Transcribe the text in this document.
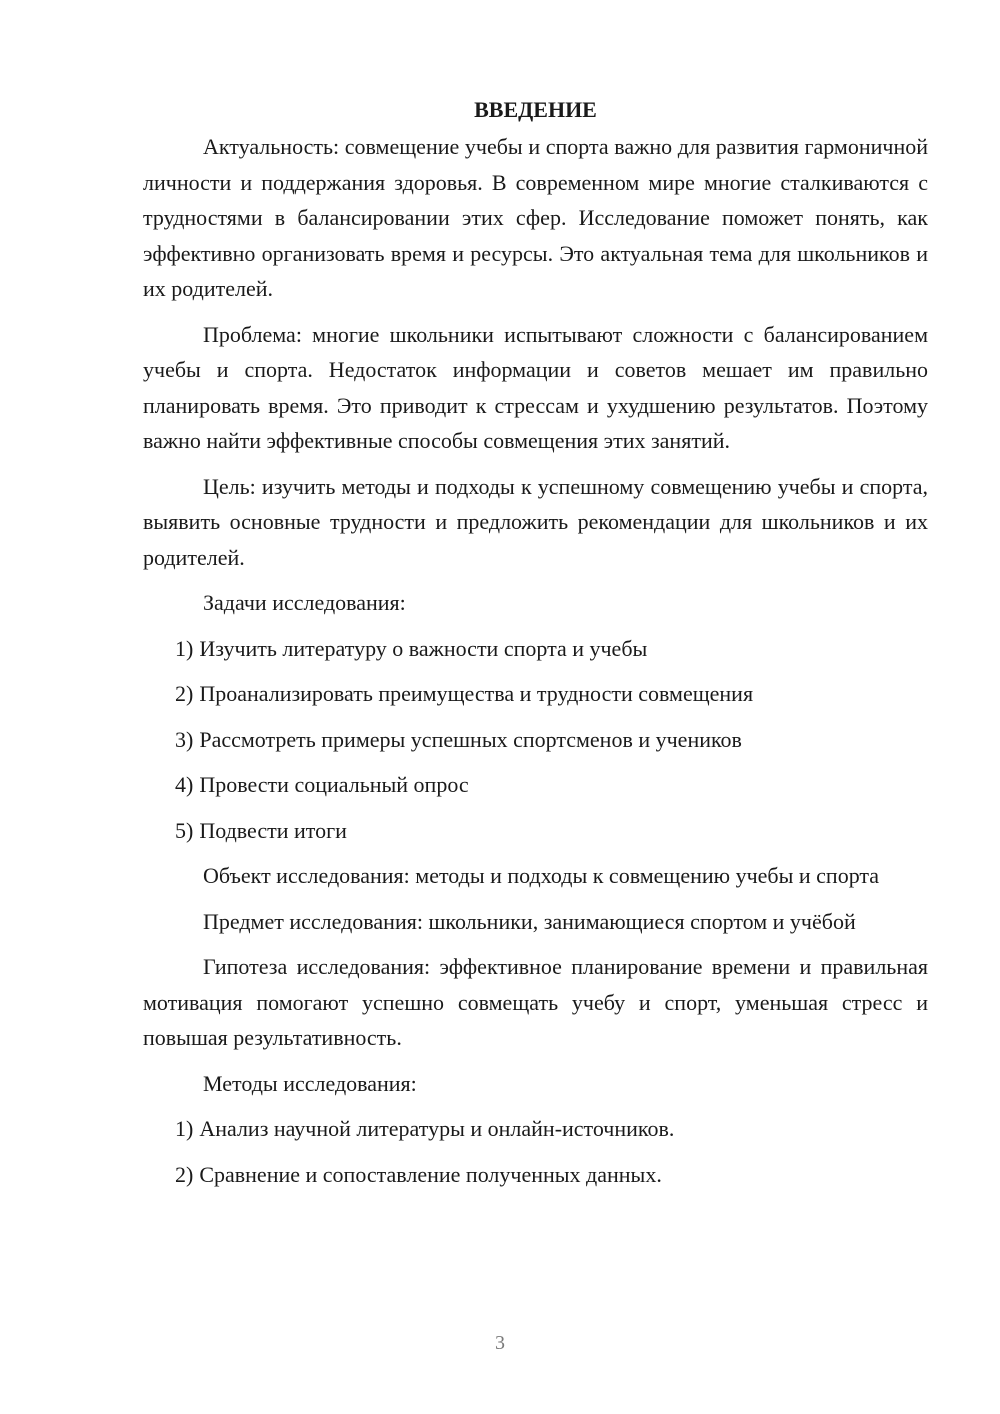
ВВЕДЕНИЕ

Актуальность: совмещение учебы и спорта важно для развития гармоничной личности и поддержания здоровья. В современном мире многие сталкиваются с трудностями в балансировании этих сфер. Исследование поможет понять, как эффективно организовать время и ресурсы. Это актуальная тема для школьников и их родителей.

Проблема: многие школьники испытывают сложности с балансированием учебы и спорта. Недостаток информации и советов мешает им правильно планировать время. Это приводит к стрессам и ухудшению результатов. Поэтому важно найти эффективные способы совмещения этих занятий.

Цель: изучить методы и подходы к успешному совмещению учебы и спорта, выявить основные трудности и предложить рекомендации для школьников и их родителей.

Задачи исследования:

1) Изучить литературу о важности спорта и учебы
2) Проанализировать преимущества и трудности совмещения
3) Рассмотреть примеры успешных спортсменов и учеников
4) Провести социальный опрос
5) Подвести итоги

Объект исследования: методы и подходы к совмещению учебы и спорта

Предмет исследования: школьники, занимающиеся спортом и учёбой

Гипотеза исследования: эффективное планирование времени и правильная мотивация помогают успешно совмещать учебу и спорт, уменьшая стресс и повышая результативность.

Методы исследования:

1) Анализ научной литературы и онлайн-источников.
2) Сравнение и сопоставление полученных данных.
3
